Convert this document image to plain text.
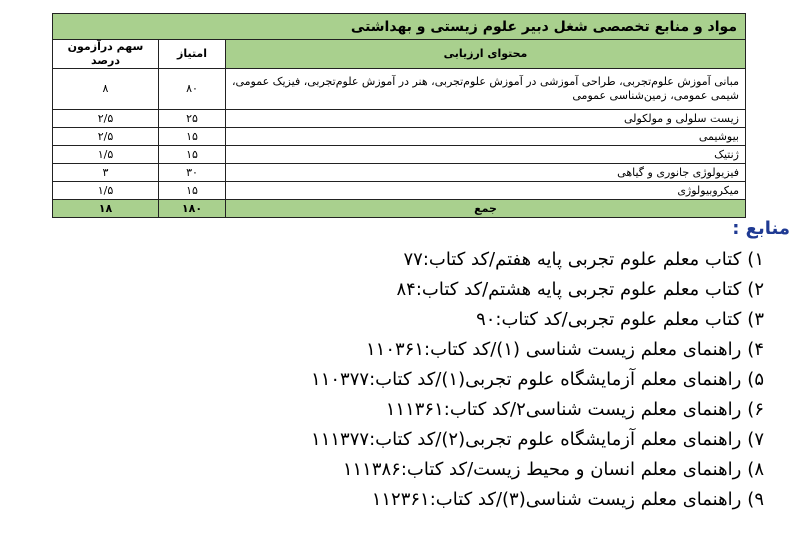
مواد و منابع تخصصی شغل دبیر علوم زیستی و بهداشتی		
محتوای ارزیابی	امتیاز	سهم درآزمون درصد
مبانی آموزش علوم‌تجربی، طراحی آموزشی در آموزش علوم‌تجربی، هنر در آموزش علوم‌تجربی، فیزیک عمومی، شیمی عمومی، زمین‌شناسی عمومی	۸۰	۸
زیست سلولی و مولکولی	۲۵	۲/۵
بیوشیمی	۱۵	۲/۵
ژنتیک	۱۵	۱/۵
فیزیولوژی جانوری و گیاهی	۳۰	۳
میکروبیولوژی	۱۵	۱/۵
جمع	۱۸۰	۱۸
منابع :
۱)کتاب معلم علوم تجربی پایه هفتم/کد کتاب:۷۷
۲)کتاب معلم علوم تجربی پایه هشتم/کد کتاب:۸۴
۳)کتاب معلم علوم تجربی/کد کتاب:۹۰
۴)راهنمای معلم زیست شناسی (۱)/کد کتاب:۱۱۰۳۶۱
۵)راهنمای معلم آزمایشگاه علوم تجربی(۱)/کد کتاب:۱۱۰۳۷۷
۶)راهنمای معلم زیست شناسی۲/کد کتاب:۱۱۱۳۶۱
۷)راهنمای معلم آزمایشگاه علوم تجربی(۲)/کد کتاب:۱۱۱۳۷۷
۸)راهنمای معلم انسان و محیط زیست/کد کتاب:۱۱۱۳۸۶
۹)راهنمای معلم زیست شناسی(۳)/کد کتاب:۱۱۲۳۶۱
